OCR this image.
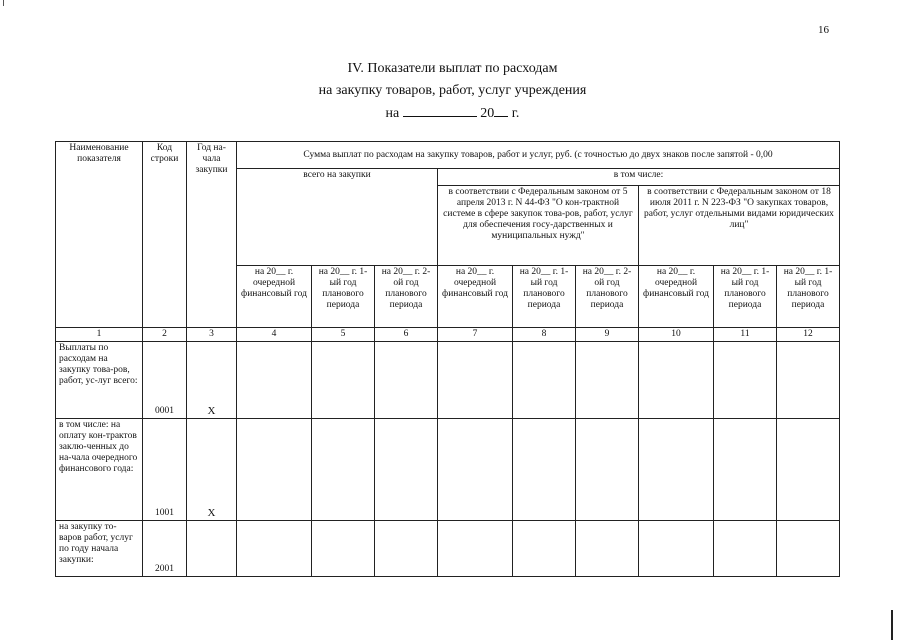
16
IV. Показатели выплат по расходам
на закупку товаров, работ, услуг учреждения
на	20 г.
Наименование показателя	Код строки	Год на-чала закупки	Сумма выплат по расходам на закупку товаров, работ и услуг, руб. (с точностью до двух знаков после запятой - 0,00								
			всего на закупки			в том числе:					
						в соответствии с Федеральным законом от 5 апреля 2013 г. N 44-ФЗ "О кон-трактной системе в сфере закупок това-ров, работ, услуг для обеспечения госу-дарственных и муниципальных нужд"			в соответствии с Федеральным законом от 18 июля 2011 г. N 223-ФЗ "О закупках товаров, работ, услуг отдельными видами юридических лиц"		
			на 20__ г. очередной финансовый год	на 20__ г. 1-ый год планового периода	на 20__ г. 2-ой год планового периода	на 20__ г. очередной финансовый год	на 20__ г. 1-ый год планового периода	на 20__ г. 2-ой год планового периода	на 20__ г. очередной финансовый год	на 20__ г. 1-ый год планового периода	на 20__ г. 1-ый год планового периода
1	2	3	4	5	6	7	8	9	10	11	12
Выплаты по расходам на закупку това-ров, работ, ус-луг всего:	0001	X									
в том числе: на оплату кон-трактов заклю-ченных до на-чала очередного финансового года:	1001	X									
на закупку то-варов работ, услуг по году начала закупки:	2001										
